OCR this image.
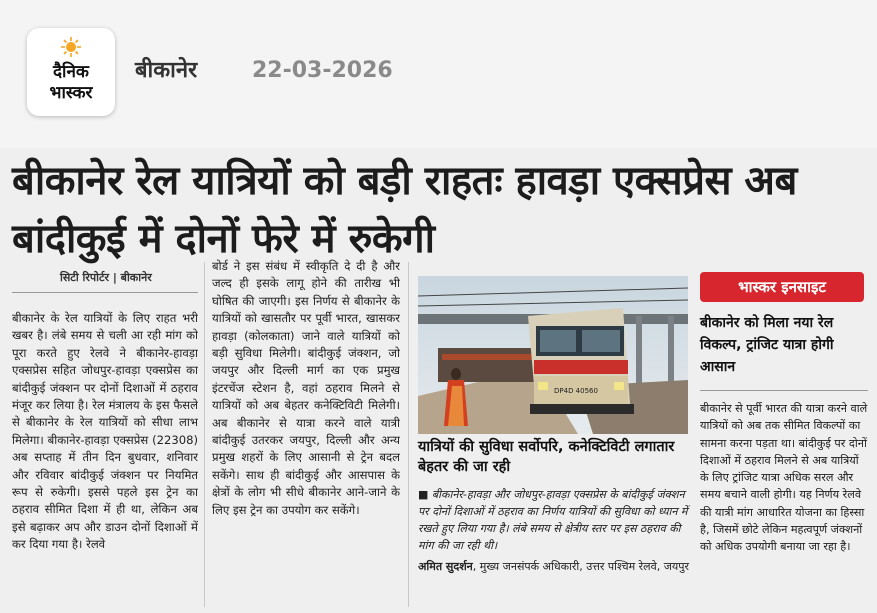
दैनिक
भास्कर
बीकानेर 22-03-2026
बीकानेर रेल यात्रियों को बड़ी राहतः हावड़ा एक्सप्रेस अब बांदीकुई में दोनों फेरे में रुकेगी
सिटी रिपोर्टर | बीकानेर
बीकानेर के रेल यात्रियों के लिए राहत भरी खबर है। लंबे समय से चली आ रही मांग को पूरा करते हुए रेलवे ने बीकानेर-हावड़ा एक्सप्रेस सहित जोधपुर-हावड़ा एक्सप्रेस का बांदीकुई जंक्शन पर दोनों दिशाओं में ठहराव मंजूर कर लिया है। रेल मंत्रालय के इस फैसले से बीकानेर के रेल यात्रियों को सीधा लाभ मिलेगा। बीकानेर-हावड़ा एक्सप्रेस (22308) अब सप्ताह में तीन दिन बुधवार, शनिवार और रविवार बांदीकुई जंक्शन पर नियमित रूप से रुकेगी। इससे पहले इस ट्रेन का ठहराव सीमित दिशा में ही था, लेकिन अब इसे बढ़ाकर अप और डाउन दोनों दिशाओं में कर दिया गया है। रेलवे
बोर्ड ने इस संबंध में स्वीकृति दे दी है और जल्द ही इसके लागू होने की तारीख भी घोषित की जाएगी। इस निर्णय से बीकानेर के यात्रियों को खासतौर पर पूर्वी भारत, खासकर हावड़ा (कोलकाता) जाने वाले यात्रियों को बड़ी सुविधा मिलेगी। बांदीकुई जंक्शन, जो जयपुर और दिल्ली मार्ग का एक प्रमुख इंटरचेंज स्टेशन है, वहां ठहराव मिलने से यात्रियों को अब बेहतर कनेक्टिविटी मिलेगी। अब बीकानेर से यात्रा करने वाले यात्री बांदीकुई उतरकर जयपुर, दिल्ली और अन्य प्रमुख शहरों के लिए आसानी से ट्रेन बदल सकेंगे। साथ ही बांदीकुई और आसपास के क्षेत्रों के लोग भी सीधे बीकानेर आने-जाने के लिए इस ट्रेन का उपयोग कर सकेंगे।
DP4D 40560
यात्रियों की सुविधा सर्वोपरि, कनेक्टिविटी लगातार बेहतर की जा रही
■ बीकानेर-हावड़ा और जोधपुर-हावड़ा एक्सप्रेस के बांदीकुई जंक्शन पर दोनों दिशाओं में ठहराव का निर्णय यात्रियों की सुविधा को ध्यान में रखते हुए लिया गया है। लंबे समय से क्षेत्रीय स्तर पर इस ठहराव की मांग की जा रही थी।
अमित सुदर्शन, मुख्य जनसंपर्क अधिकारी, उत्तर पश्चिम रेलवे, जयपुर
भास्कर इनसाइट
बीकानेर को मिला नया रेल विकल्प, ट्रांजिट यात्रा होगी आसान
बीकानेर से पूर्वी भारत की यात्रा करने वाले यात्रियों को अब तक सीमित विकल्पों का सामना करना पड़ता था। बांदीकुई पर दोनों दिशाओं में ठहराव मिलने से अब यात्रियों के लिए ट्रांजिट यात्रा अधिक सरल और समय बचाने वाली होगी। यह निर्णय रेलवे की यात्री मांग आधारित योजना का हिस्सा है, जिसमें छोटे लेकिन महत्वपूर्ण जंक्शनों को अधिक उपयोगी बनाया जा रहा है।
